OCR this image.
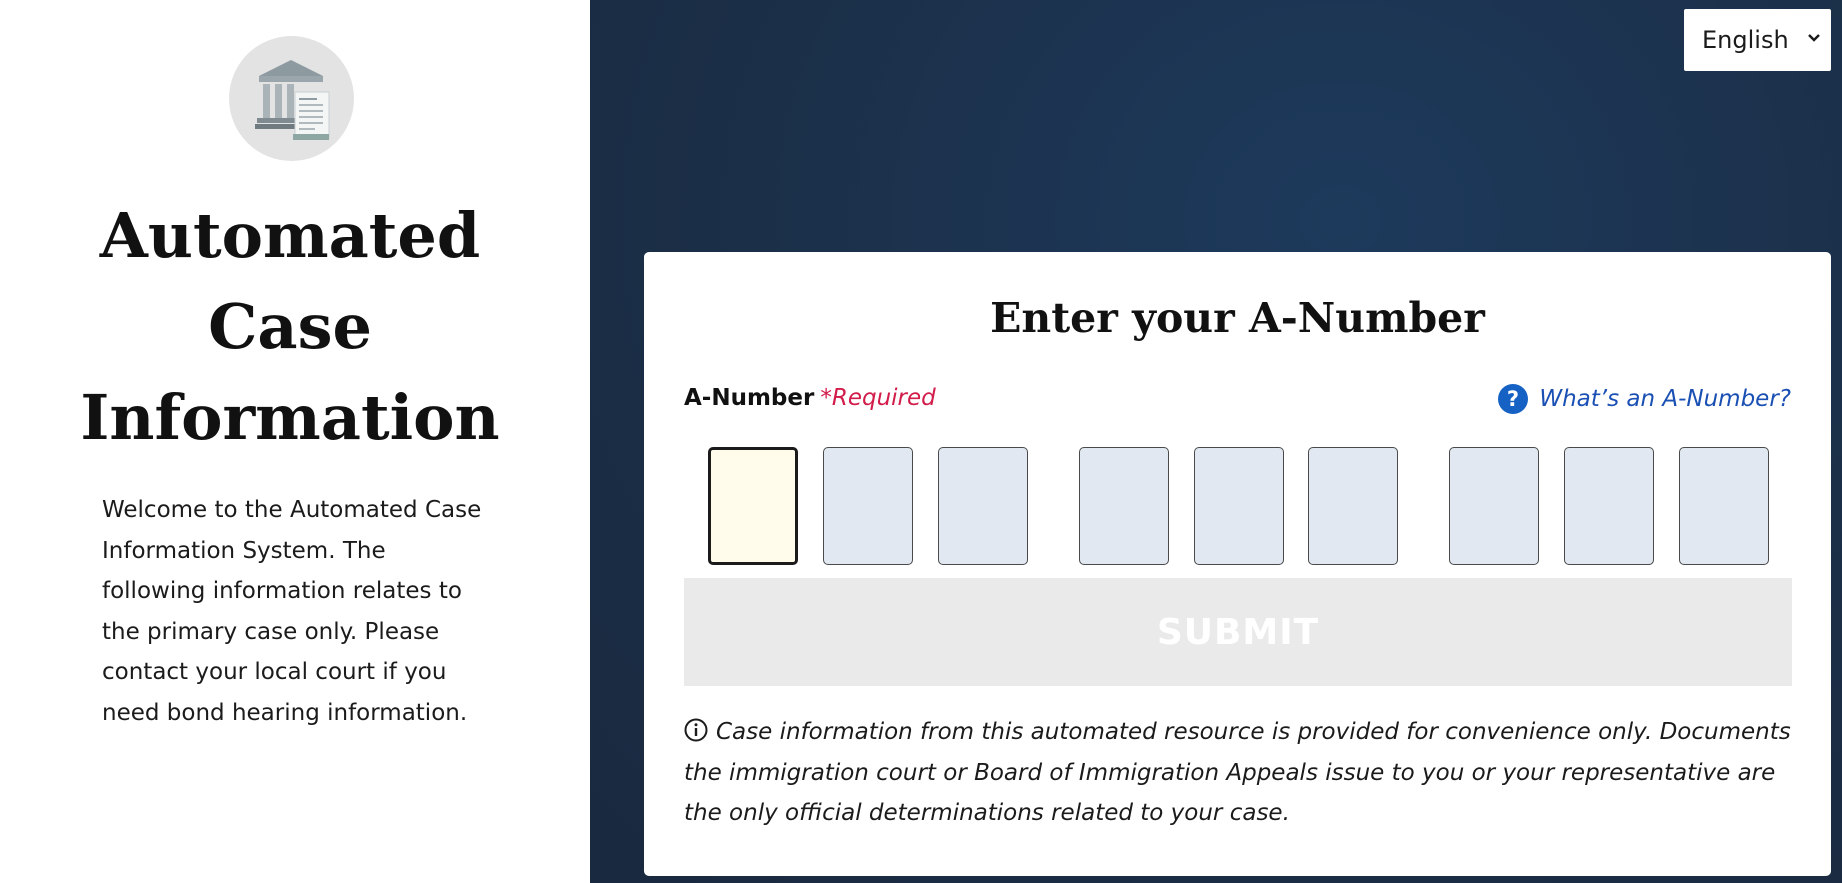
Automated
Case
Information

Welcome to the Automated Case Information System. The following information relates to the primary case only. Please contact your local court if you need bond hearing information.

English
Enter your A-Number
A-Number *Required	? What’s an A-Number?
SUBMIT

Case information from this automated resource is provided for convenience only. Documents the immigration court or Board of Immigration Appeals issue to you or your representative are the only official determinations related to your case.
